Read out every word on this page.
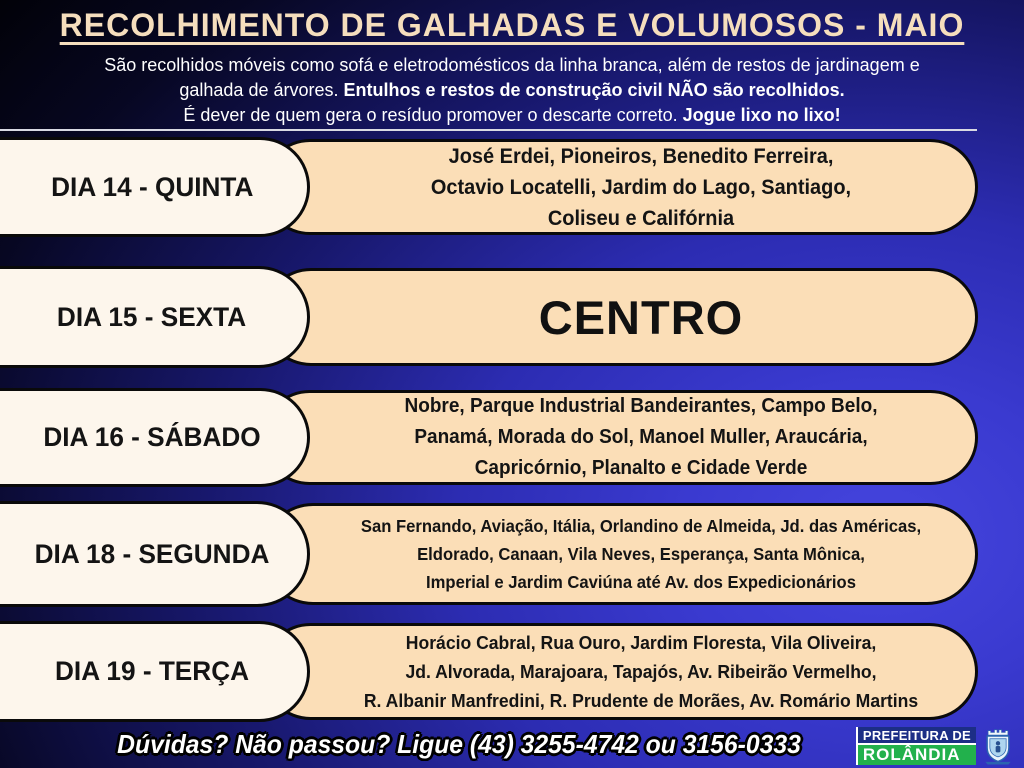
RECOLHIMENTO DE GALHADAS E VOLUMOSOS - MAIO
São recolhidos móveis como sofá e eletrodomésticos da linha branca, além de restos de jardinagem e
galhada de árvores. Entulhos e restos de construção civil NÃO são recolhidos.
É dever de quem gera o resíduo promover o descarte correto. Jogue lixo no lixo!
José Erdei, Pioneiros, Benedito Ferreira,
Octavio Locatelli, Jardim do Lago, Santiago,
Coliseu e Califórnia
DIA 14 - QUINTA
CENTRO
DIA 15 - SEXTA
Nobre, Parque Industrial Bandeirantes, Campo Belo,
Panamá, Morada do Sol, Manoel Muller, Araucária,
Capricórnio, Planalto e Cidade Verde
DIA 16 - SÁBADO
San Fernando, Aviação, Itália, Orlandino de Almeida, Jd. das Américas,
Eldorado, Canaan, Vila Neves, Esperança, Santa Mônica,
Imperial e Jardim Caviúna até Av. dos Expedicionários
DIA 18 - SEGUNDA
Horácio Cabral, Rua Ouro, Jardim Floresta, Vila Oliveira,
Jd. Alvorada, Marajoara, Tapajós, Av. Ribeirão Vermelho,
R. Albanir Manfredini, R. Prudente de Morães, Av. Romário Martins
DIA 19 - TERÇA
Dúvidas? Não passou? Ligue (43) 3255-4742 ou 3156-0333	PREFEITURA DE
ROLÂNDIA
